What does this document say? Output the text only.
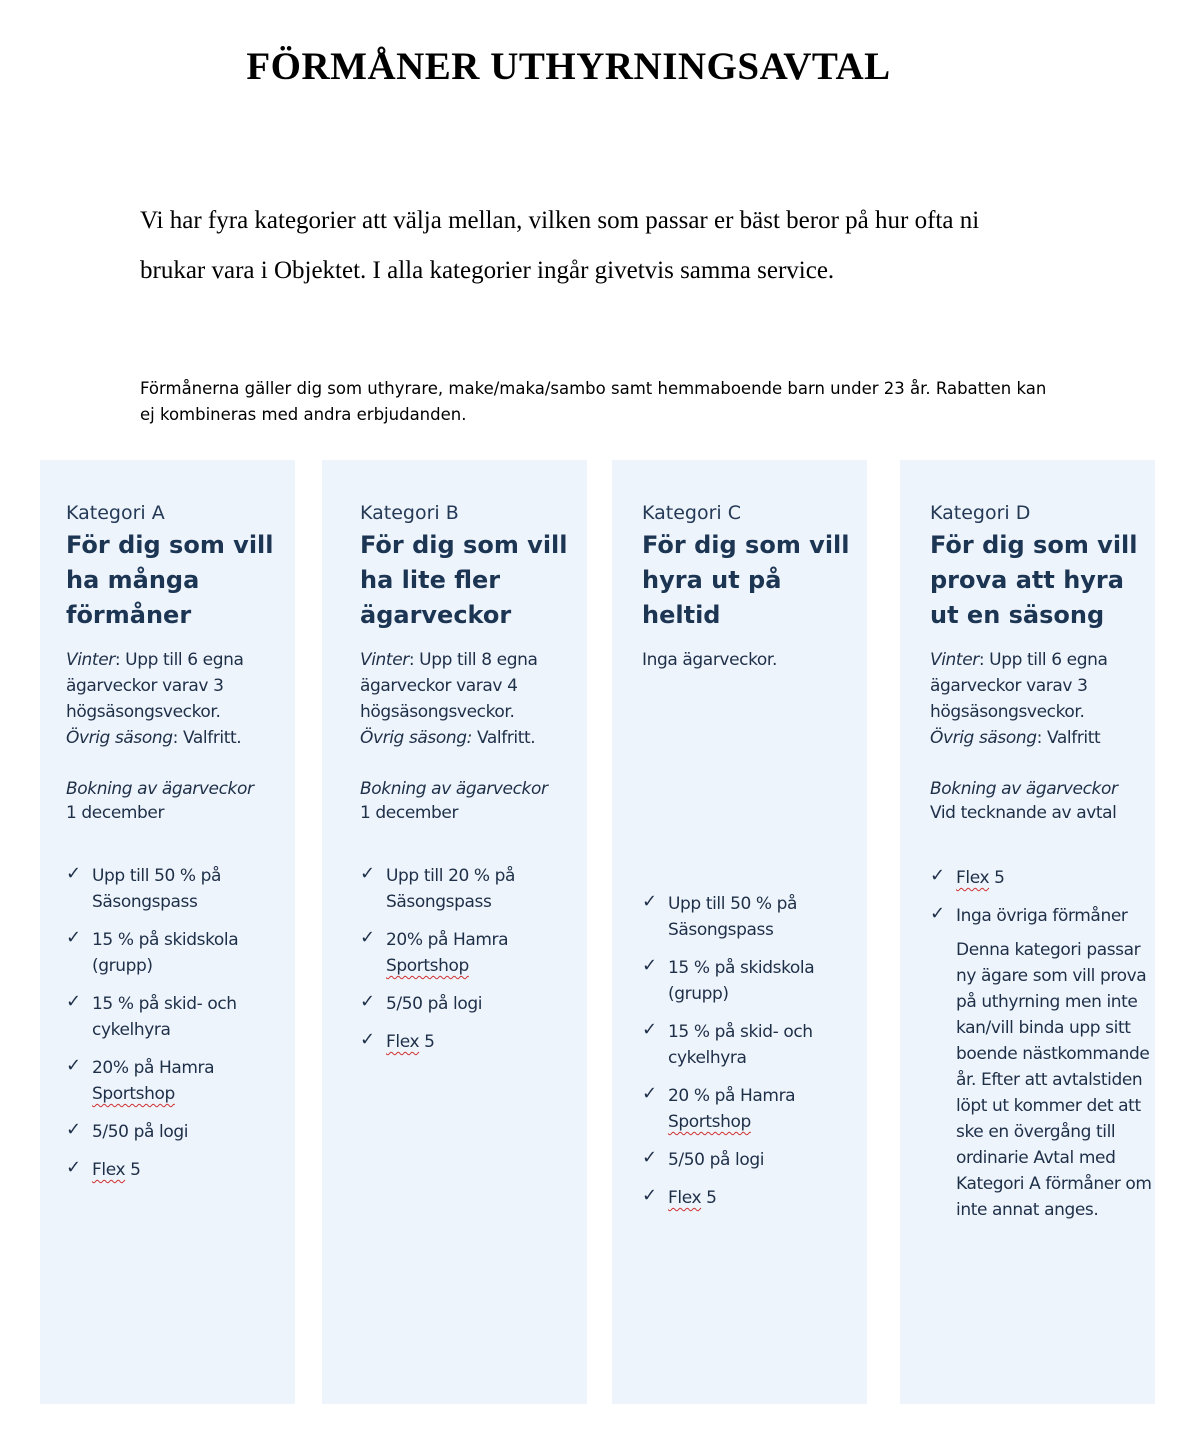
FÖRMÅNER UTHYRNINGSAVTAL

Vi har fyra kategorier att välja mellan, vilken som passar er bäst beror på hur ofta ni brukar vara i Objektet. I alla kategorier ingår givetvis samma service.

Förmånerna gäller dig som uthyrare, make/maka/sambo samt hemmaboende barn under 23 år. Rabatten kan ej kombineras med andra erbjudanden.

Kategori A
För dig som vill ha många förmåner
Vinter: Upp till 6 egna ägarveckor varav 3 högsäsongsveckor.
Övrig säsong: Valfritt.
Bokning av ägarveckor
1 december
✓ Upp till 50 % på Säsongspass
✓ 15 % på skidskola (grupp)
✓ 15 % på skid- och cykelhyra
✓ 20% på Hamra Sportshop
✓ 5/50 på logi
✓ Flex 5
Kategori B
För dig som vill ha lite fler ägarveckor
Vinter: Upp till 8 egna ägarveckor varav 4 högsäsongsveckor.
Övrig säsong: Valfritt.
Bokning av ägarveckor
1 december
✓ Upp till 20 % på Säsongspass
✓ 20% på Hamra Sportshop
✓ 5/50 på logi
✓ Flex 5
Kategori C
För dig som vill hyra ut på heltid
Inga ägarveckor.
✓ Upp till 50 % på Säsongspass
✓ 15 % på skidskola (grupp)
✓ 15 % på skid- och cykelhyra
✓ 20 % på Hamra Sportshop
✓ 5/50 på logi
✓ Flex 5
Kategori D
För dig som vill prova att hyra ut en säsong
Vinter: Upp till 6 egna ägarveckor varav 3 högsäsongsveckor.
Övrig säsong: Valfritt
Bokning av ägarveckor
Vid tecknande av avtal
✓ Flex 5
✓ Inga övriga förmåner
Denna kategori passar ny ägare som vill prova på uthyrning men inte kan/vill binda upp sitt boende nästkommande år. Efter att avtalstiden löpt ut kommer det att ske en övergång till ordinarie Avtal med Kategori A förmåner om inte annat anges.
